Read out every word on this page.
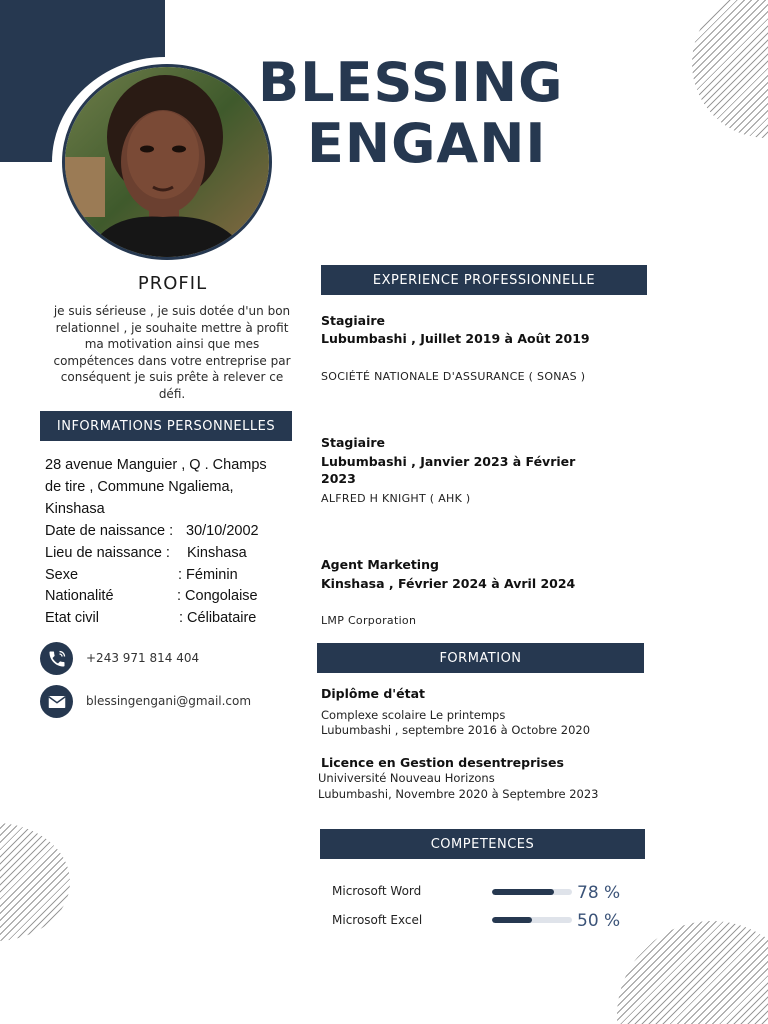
BLESSING
ENGANI
PROFIL
je suis sérieuse , je suis dotée d'un bon relationnel , je souhaite mettre à profit ma motivation ainsi que mes compétences dans votre entreprise par conséquent je suis prête à relever ce défi.
INFORMATIONS PERSONNELLES
28 avenue Manguier , Q . Champs
de tire , Commune Ngaliema,
Kinshasa
Date de naissance : 30/10/2002
Lieu de naissance : Kinshasa
Sexe	: Féminin
Nationalité	: Congolaise
Etat civil	: Célibataire
+243 971 814 404
blessingengani@gmail.com
EXPERIENCE PROFESSIONNELLE
Stagiaire
Lubumbashi , Juillet 2019 à Août 2019
SOCIÉTÉ NATIONALE D'ASSURANCE ( SONAS )
Stagiaire
Lubumbashi , Janvier 2023 à Février
2023
ALFRED H KNIGHT ( AHK )
Agent Marketing
Kinshasa , Février 2024 à Avril 2024
LMP Corporation
FORMATION
Diplôme d'état
Complexe scolaire Le printemps
Lubumbashi , septembre 2016 à Octobre 2020
Licence en Gestion desentreprises
Univiversité Nouveau Horizons
Lubumbashi, Novembre 2020 à Septembre 2023
COMPETENCES
Microsoft Word	78 %
Microsoft Excel	50 %
